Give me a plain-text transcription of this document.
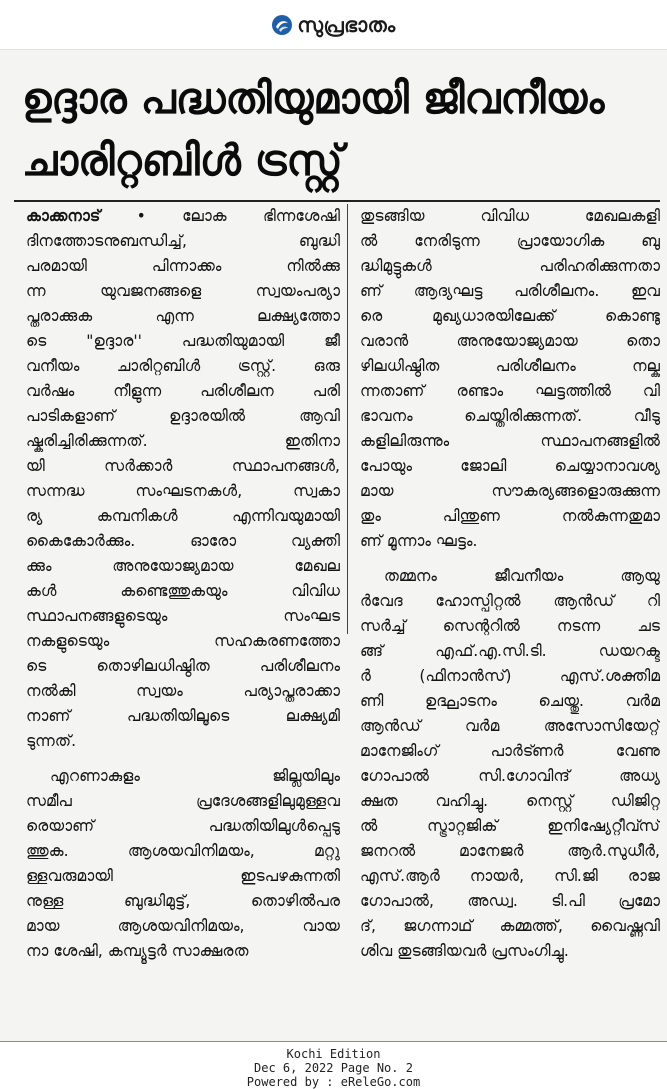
സുപ്രഭാതം
ഉദ്ദാര പദ്ധതിയുമായി ജീവനീയം
ചാരിറ്റബിൾ ട്രസ്റ്റ്
കാക്കനാട് • ലോക ഭിന്നശേഷി
ദിനത്തോടനുബന്ധിച്ച്, ബുദ്ധി
പരമായി പിന്നാക്കം നിൽക്കു
ന്ന യുവജനങ്ങളെ സ്വയംപര്യാ
പ്തരാക്കുക എന്ന ലക്ഷ്യത്തോ
ടെ "ഉദ്ദാര'' പദ്ധതിയുമായി ജീ
വനീയം ചാരിറ്റബിൾ ട്രസ്റ്റ്. ഒരു
വർഷം നീളുന്ന പരിശീലന പരി
പാടികളാണ് ഉദ്ദാരയിൽ ആവി
ഷ്കരിച്ചിരിക്കുന്നത്. ഇതിനാ
യി സർക്കാർ സ്ഥാപനങ്ങൾ,
സന്നദ്ധ സംഘടനകൾ, സ്വകാ
ര്യ കമ്പനികൾ എന്നിവയുമായി
കൈകോർക്കും. ഓരോ വ്യക്തി
ക്കും അനുയോജ്യമായ മേഖല
കൾ കണ്ടെത്തുകയും വിവിധ
സ്ഥാപനങ്ങളുടെയും സംഘട
നകളുടെയും സഹകരണത്തോ
ടെ തൊഴിലധിഷ്ഠിത പരിശീലനം
നൽകി സ്വയം പര്യാപ്തരാക്കാ
നാണ് പദ്ധതിയിലൂടെ ലക്ഷ്യമി
ടുന്നത്.
എറണാകുളം ജില്ലയിലും
സമീപ പ്രദേശങ്ങളിലുമുള്ളവ
രെയാണ് പദ്ധതിയിലുൾപ്പെടു
ത്തുക. ആശയവിനിമയം, മറ്റു
ള്ളവരുമായി ഇടപഴകുന്നതി
നുള്ള ബുദ്ധിമുട്ട്, തൊഴിൽപര
മായ ആശയവിനിമയം, വായ
നാ ശേഷി, കമ്പ്യൂട്ടർ സാക്ഷരത
തുടങ്ങിയ വിവിധ മേഖലകളി
ൽ നേരിടുന്ന പ്രായോഗിക ബു
ദ്ധിമുട്ടുകൾ പരിഹരിക്കുന്നതാ
ണ് ആദ്യഘട്ട പരിശീലനം. ഇവ
രെ മുഖ്യധാരയിലേക്ക് കൊണ്ടു
വരാൻ അനുയോജ്യമായ തൊ
ഴിലധിഷ്ഠിത പരിശീലനം നല്കു
ന്നതാണ് രണ്ടാം ഘട്ടത്തിൽ വി
ഭാവനം ചെയ്തിരിക്കുന്നത്. വീടു
കളിലിരുന്നും സ്ഥാപനങ്ങളിൽ
പോയും ജോലി ചെയ്യാനാവശ്യ
മായ സൗകര്യങ്ങളൊരുക്കുന്ന
തും പിന്തുണ നൽകുന്നതുമാ
ണ് മൂന്നാം ഘട്ടം.
തമ്മനം ജീവനീയം ആയു
ർവേദ ഹോസ്പിറ്റൽ ആൻഡ് റി
സർച്ച് സെന്ററിൽ നടന്ന ചട
ങ്ങ് എഫ്.എ.സി.ടി. ഡയറക്ട
ർ (ഫിനാൻസ്) എസ്.ശക്തിമ
ണി ഉദ്ഘാടനം ചെയ്തു. വർമ
ആൻഡ് വർമ അസോസിയേറ്റ്
മാനേജിംഗ് പാർട്ണർ വേണു
ഗോപാൽ സി.ഗോവിന്ദ് അധ്യ
ക്ഷത വഹിച്ചു. നെസ്റ്റ് ഡിജിറ്റ
ൽ സ്ട്രാറ്റജിക് ഇനിഷ്യേറ്റീവ്സ്
ജനറൽ മാനേജർ ആർ.സുധീർ,
എസ്.ആർ നായർ, സി.ജി രാജ
ഗോപാൽ, അഡ്വ. ടി.പി പ്രമോ
ദ്, ജഗന്നാഥ് കമ്മത്ത്, വൈഷ്ണവി
ശിവ തുടങ്ങിയവർ പ്രസംഗിച്ചു.
Kochi Edition
Dec 6, 2022 Page No. 2
Powered by : eReleGo.com
